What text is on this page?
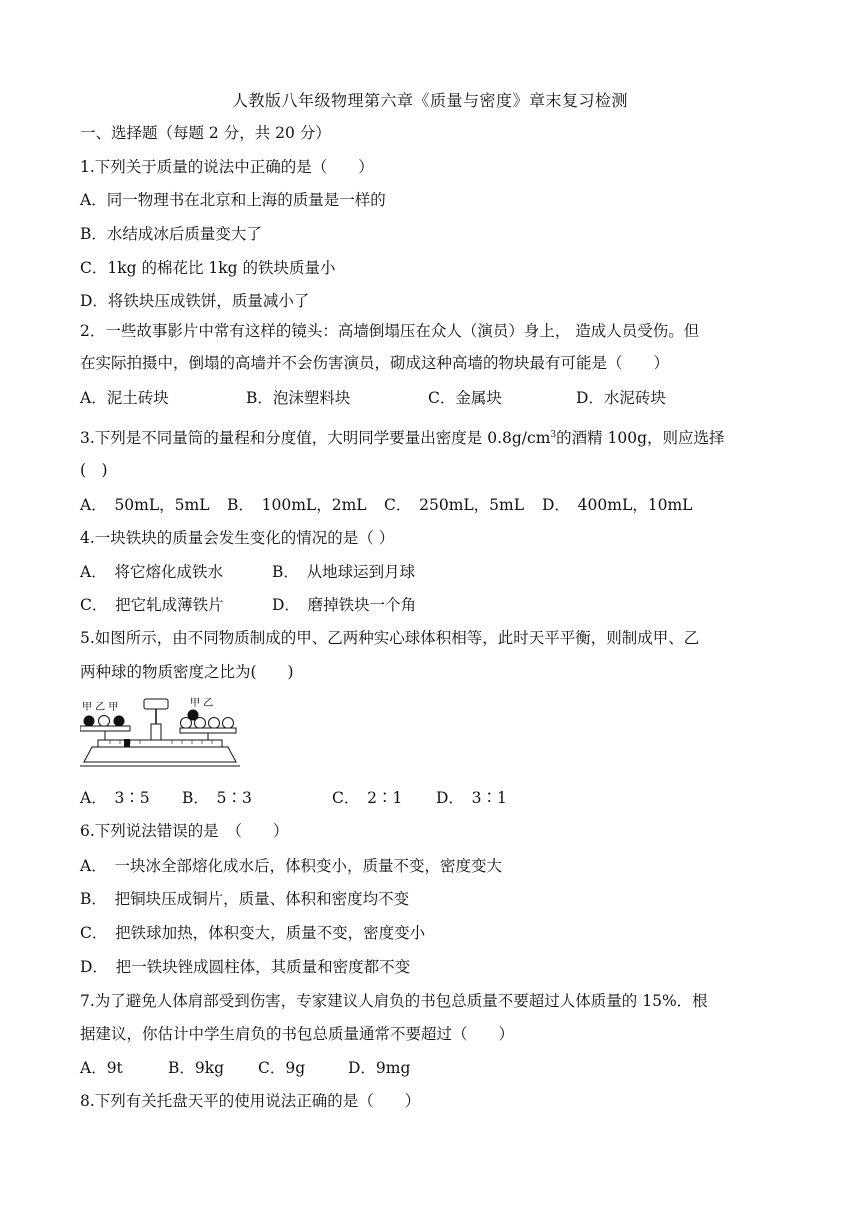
人教版八年级物理第六章《质量与密度》章末复习检测
一、选择题（每题 2 分，共 20 分）
1.下列关于质量的说法中正确的是（　　）
A．同一物理书在北京和上海的质量是一样的
B．水结成冰后质量变大了
C．1kg 的棉花比 1kg 的铁块质量小
D．将铁块压成铁饼，质量减小了
2．一些故事影片中常有这样的镜头：高墙倒塌压在众人（演员）身上， 造成人员受伤。但
在实际拍摄中，倒塌的高墙并不会伤害演员，砌成这种高墙的物块最有可能是（　　）
A．泥土砖块	B．泡沫塑料块	C．金属块	D．水泥砖块
3.下列是不同量筒的量程和分度值，大明同学要量出密度是 $0.8g/cm^3$的酒精 100g，则应选择
(　)
A．　50mL，5mL B．　100mL，2mL C．　250mL，5mL D．　400mL，10mL
4.一块铁块的质量会发生变化的情况的是（ ）
A．　将它熔化成铁水	B．　从地球运到月球
C．　把它轧成薄铁片	D．　磨掉铁块一个角
5.如图所示，由不同物质制成的甲、乙两种实心球体积相等，此时天平平衡，则制成甲、乙
两种球的物质密度之比为(　　)
甲 乙 甲	甲 乙
A．　3∶5 B．　5∶3	C．　2∶1 D．　3∶1
6.下列说法错误的是　（　　）
A．　一块冰全部熔化成水后，体积变小，质量不变，密度变大
B．　把铜块压成铜片，质量、体积和密度均不变
C．　把铁球加热，体积变大，质量不变，密度变小
D．　把一铁块锉成圆柱体，其质量和密度都不变
7.为了避免人体肩部受到伤害，专家建议人肩负的书包总质量不要超过人体质量的 15%．根
据建议，你估计中学生肩负的书包总质量通常不要超过（　　）
A．9t	B．9kg C．9g	D．9mg
8.下列有关托盘天平的使用说法正确的是（　　）
